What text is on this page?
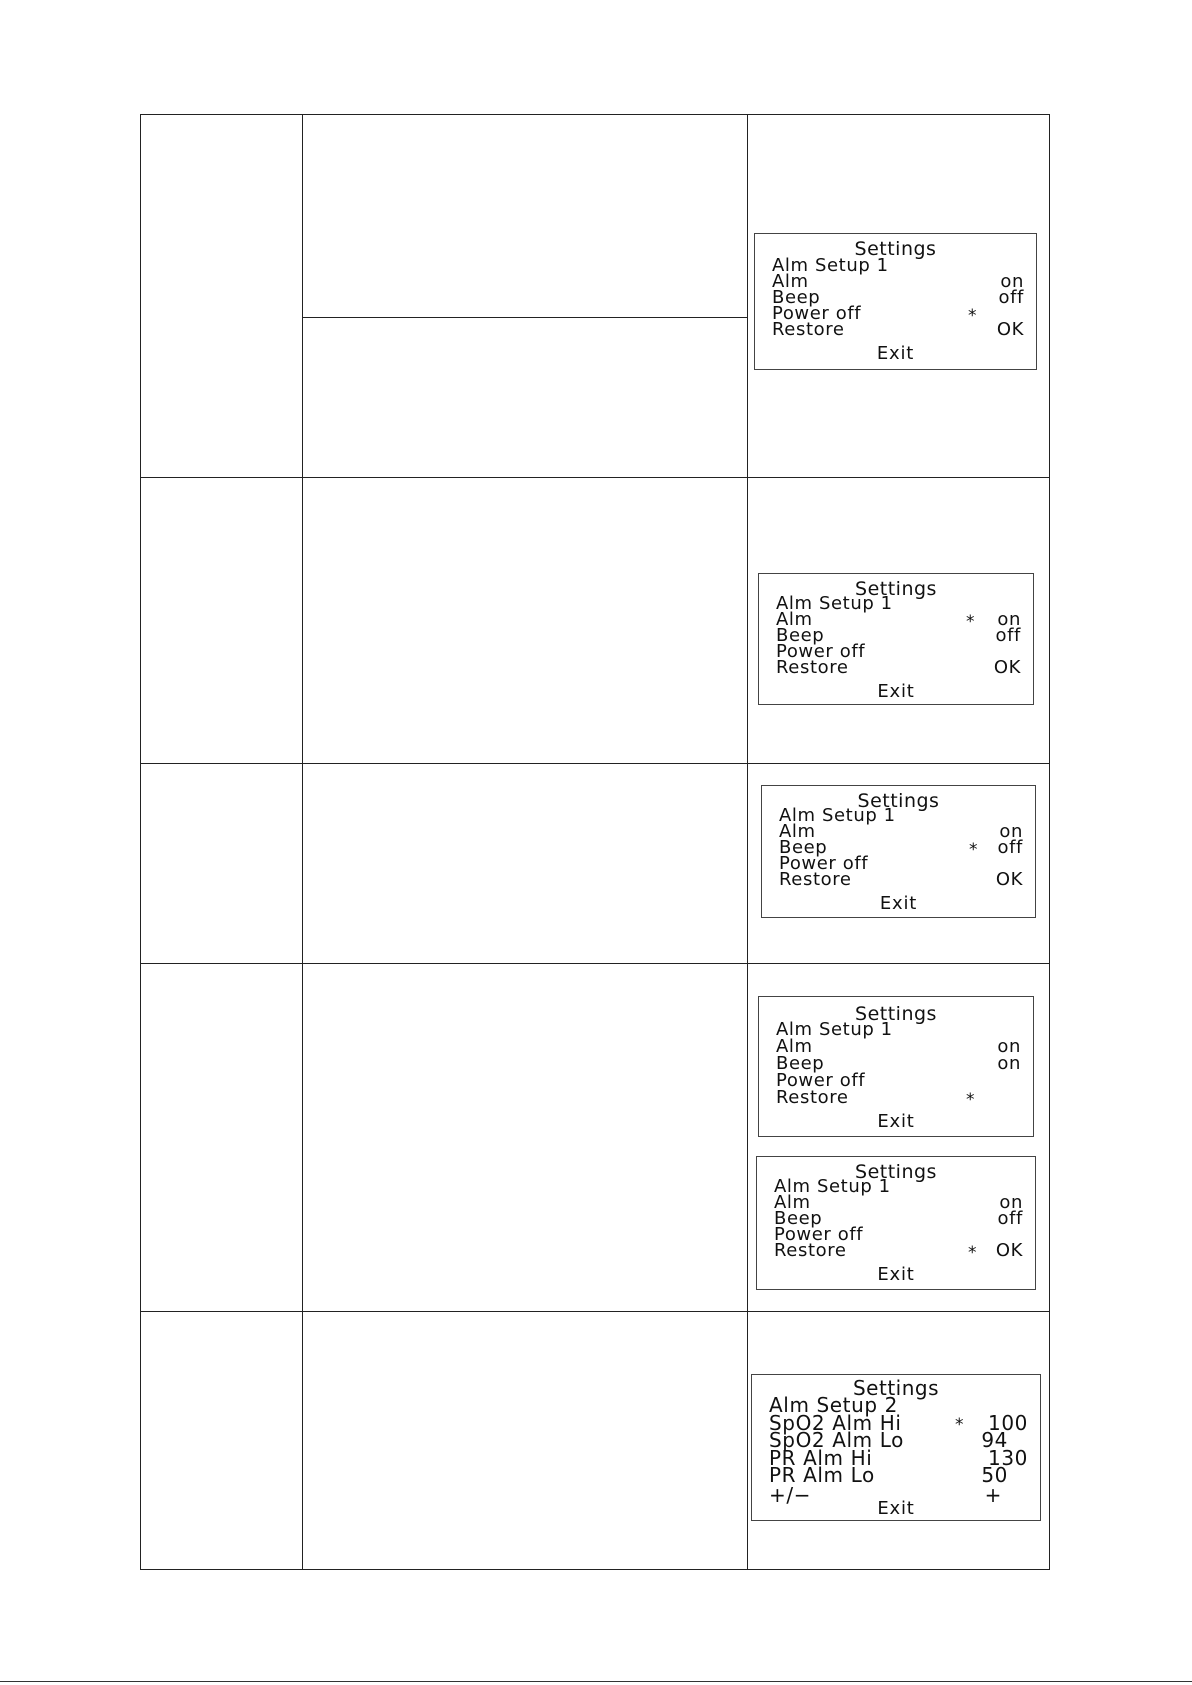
Settings
Alm Setup 1
Alm	on
Beep	off
Power off	*
Restore	OK
Exit
Settings
Alm Setup 1
Alm	* on
Beep	off
Power off
Restore	OK
Exit
Settings
Alm Setup 1
Alm	on
Beep	* off
Power off
Restore	OK
Exit
Settings
Alm Setup 1
Alm	on
Beep	on
Power off
Restore	*
Exit
Settings
Alm Setup 1
Alm	on
Beep	off
Power off
Restore	* OK
Exit
Settings
Alm Setup 2
SpO2 Alm Hi	* 100
SpO2 Alm Lo	94
PR Alm Hi	130
PR Alm Lo	50
+/−	+
Exit
